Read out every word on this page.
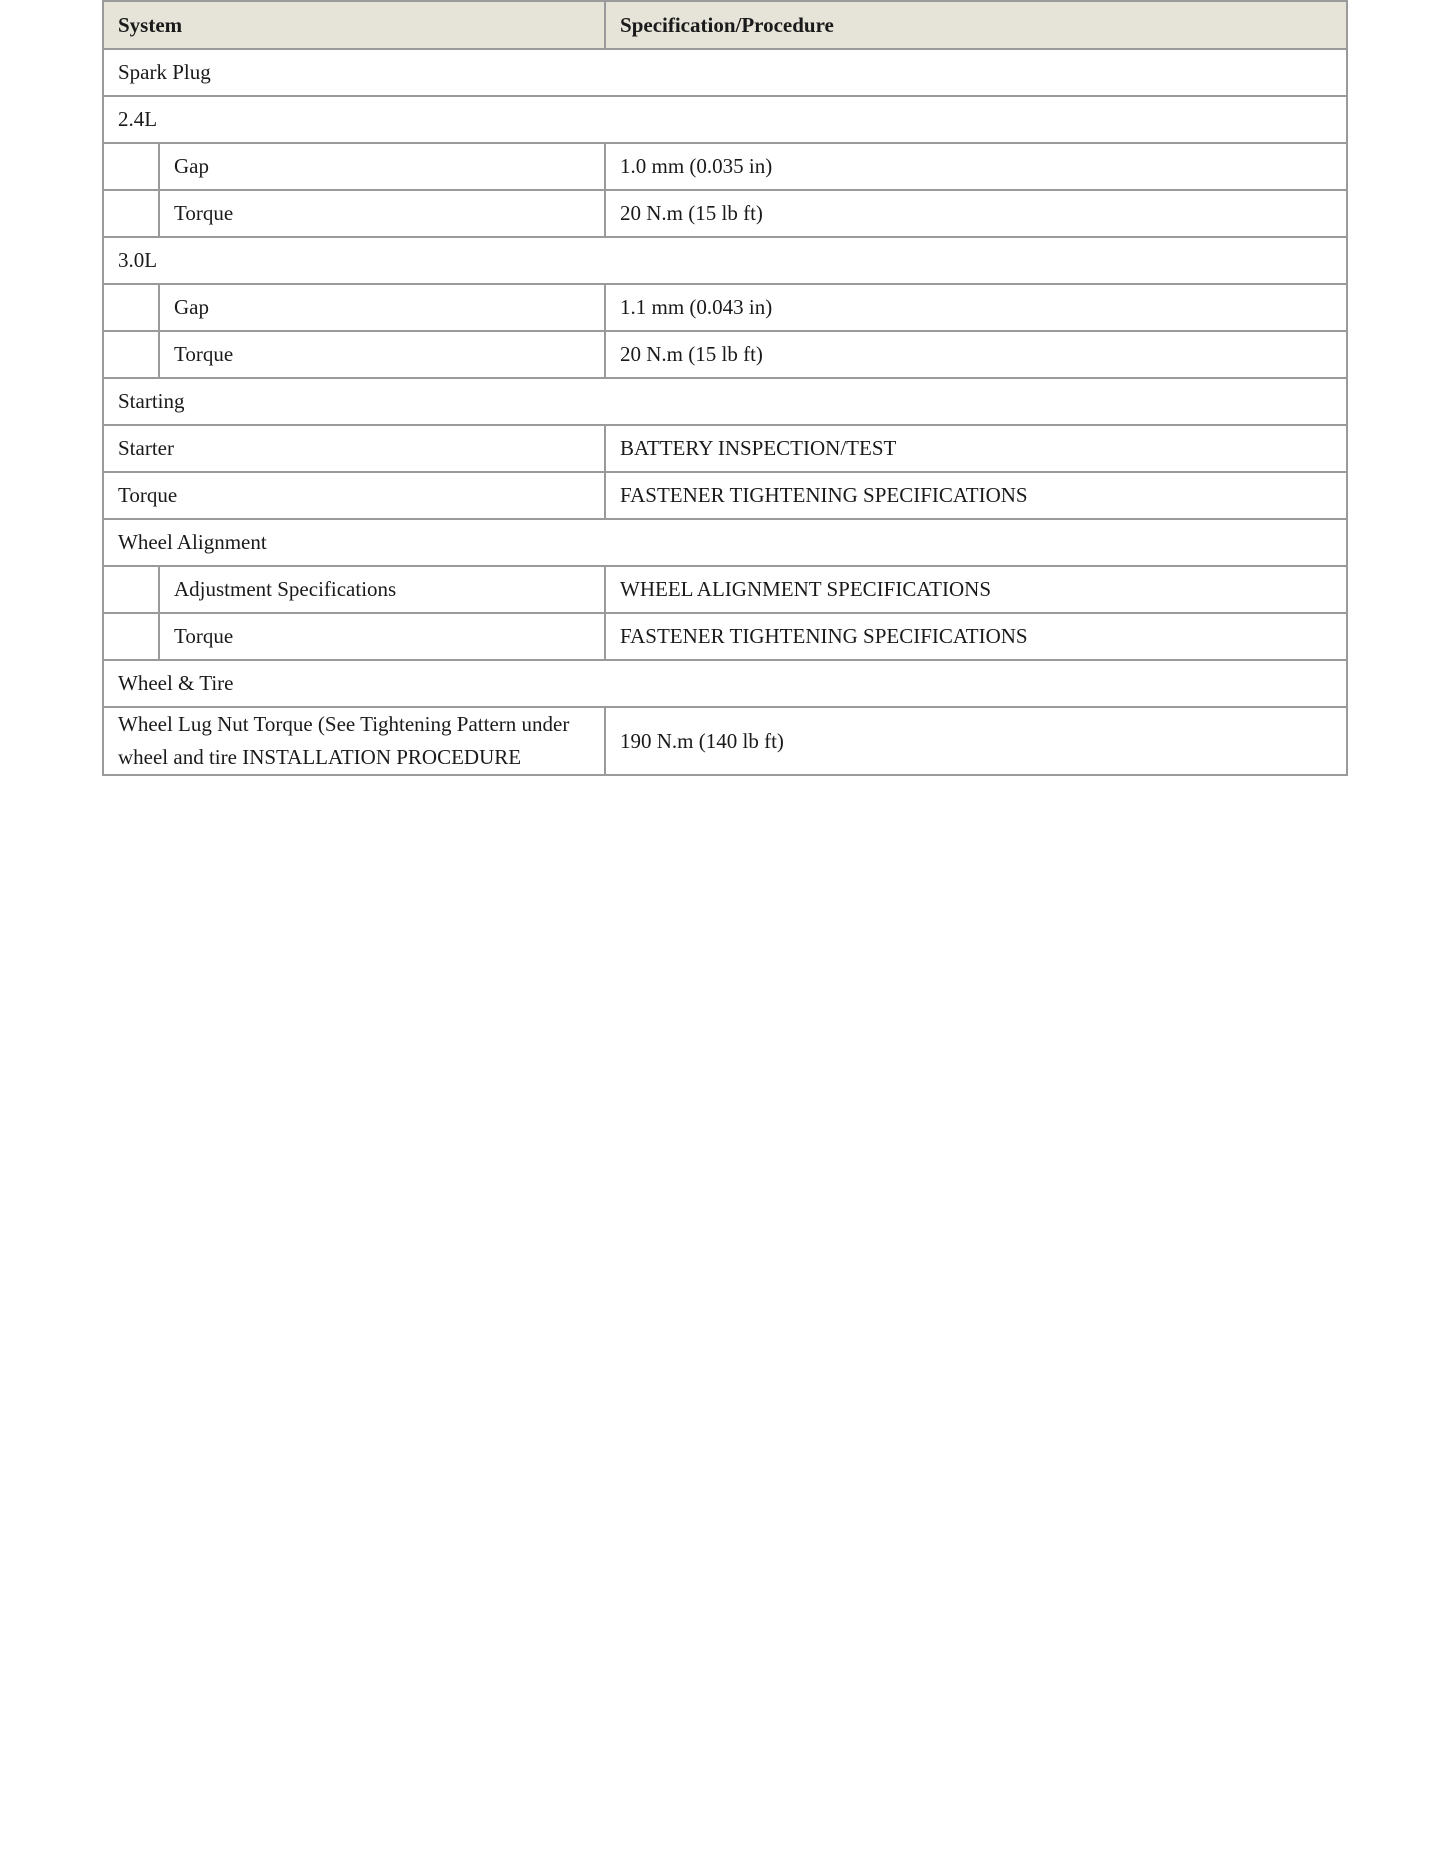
System		Specification/Procedure
Spark Plug		
2.4L		
	Gap	1.0 mm (0.035 in)
	Torque	20 N.m (15 lb ft)
3.0L		
	Gap	1.1 mm (0.043 in)
	Torque	20 N.m (15 lb ft)
Starting		
Starter		BATTERY INSPECTION/TEST
Torque		FASTENER TIGHTENING SPECIFICATIONS
Wheel Alignment		
	Adjustment Specifications	WHEEL ALIGNMENT SPECIFICATIONS
	Torque	FASTENER TIGHTENING SPECIFICATIONS
Wheel & Tire		
Wheel Lug Nut Torque (See Tightening Pattern under wheel and tire INSTALLATION PROCEDURE		190 N.m (140 lb ft)
